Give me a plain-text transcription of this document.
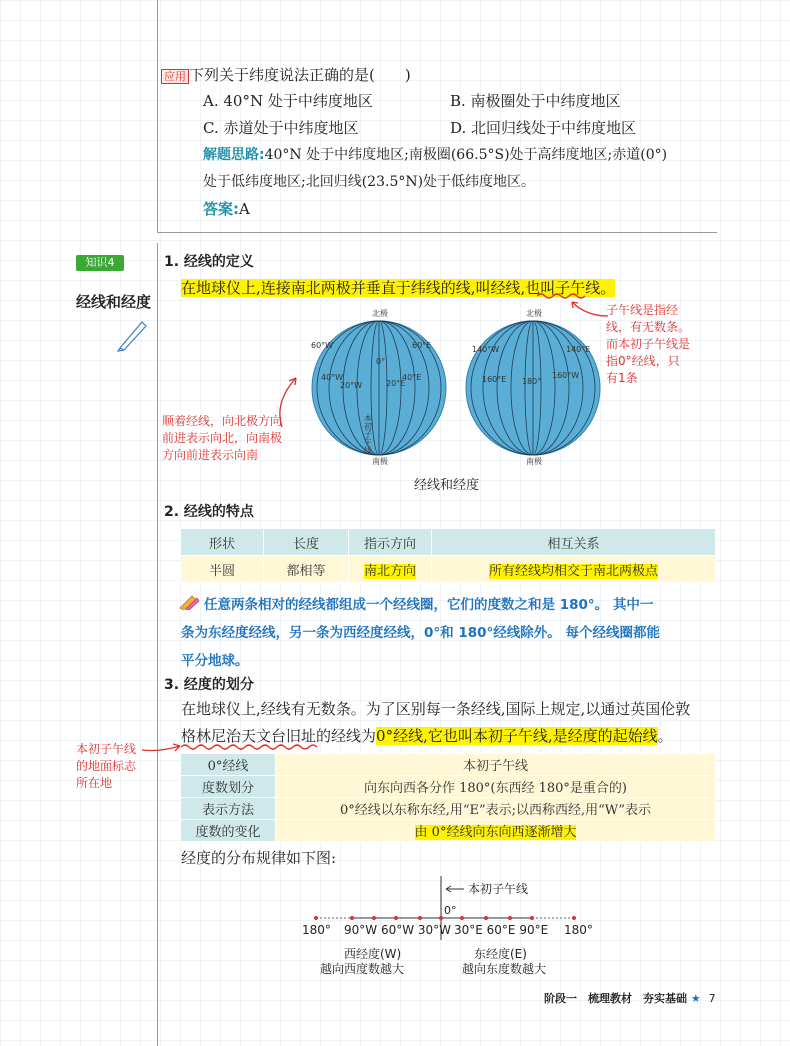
应用 下列关于纬度说法正确的是(　　)
A. 40°N 处于中纬度地区	B. 南极圈处于中纬度地区
C. 赤道处于中纬度地区	D. 北回归线处于中纬度地区
解题思路:40°N 处于中纬度地区;南极圈(66.5°S)处于高纬度地区;赤道(0°)
处于低纬度地区;北回归线(23.5°N)处于低纬度地区。
答案:A
知识4
经线和经度
1. 经线的定义
在地球仪上,连接南北两极并垂直于纬线的线,叫经线,也叫子午线。
子午线是指经
线，有无数条。
而本初子午线是
指0°经线，只
有1条
顺着经线，向北极方向
前进表示向北，向南极
方向前进表示向南
北极
60°W
40°W
20°W
0°
20°E
40°E
60°E
本初子午线
南极
北极
140°W
160°E 180°
160°W
140°E
南极
经线和经度
2. 经线的特点
形状	长度	指示方向	相互关系
半圆	都相等	南北方向	所有经线均相交于南北两极点
任意两条相对的经线都组成一个经线圈，它们的度数之和是 180°。 其中一
条为东经度经线，另一条为西经度经线，0°和 180°经线除外。 每个经线圈都能
平分地球。
3. 经度的划分
在地球仪上,经线有无数条。为了区别每一条经线,国际上规定,以通过英国伦敦
格林尼治天文台旧址的经线为0°经线,它也叫本初子午线,是经度的起始线。
本初子午线
的地面标志
所在地
0°经线	本初子午线
度数划分	向东向西各分作 180°(东西经 180°是重合的)
表示方法	0°经线以东称东经,用“E”表示;以西称西经,用“W”表示
度数的变化	由 0°经线向东向西逐渐增大
经度的分布规律如下图:
本初子午线
0°
180° 90°W 60°W 30°W 30°E 60°E 90°E 180°
西经度(W)
越向西度数越大
东经度(E)
越向东度数越大
阶段一　梳理教材　夯实基础 ★ 7
